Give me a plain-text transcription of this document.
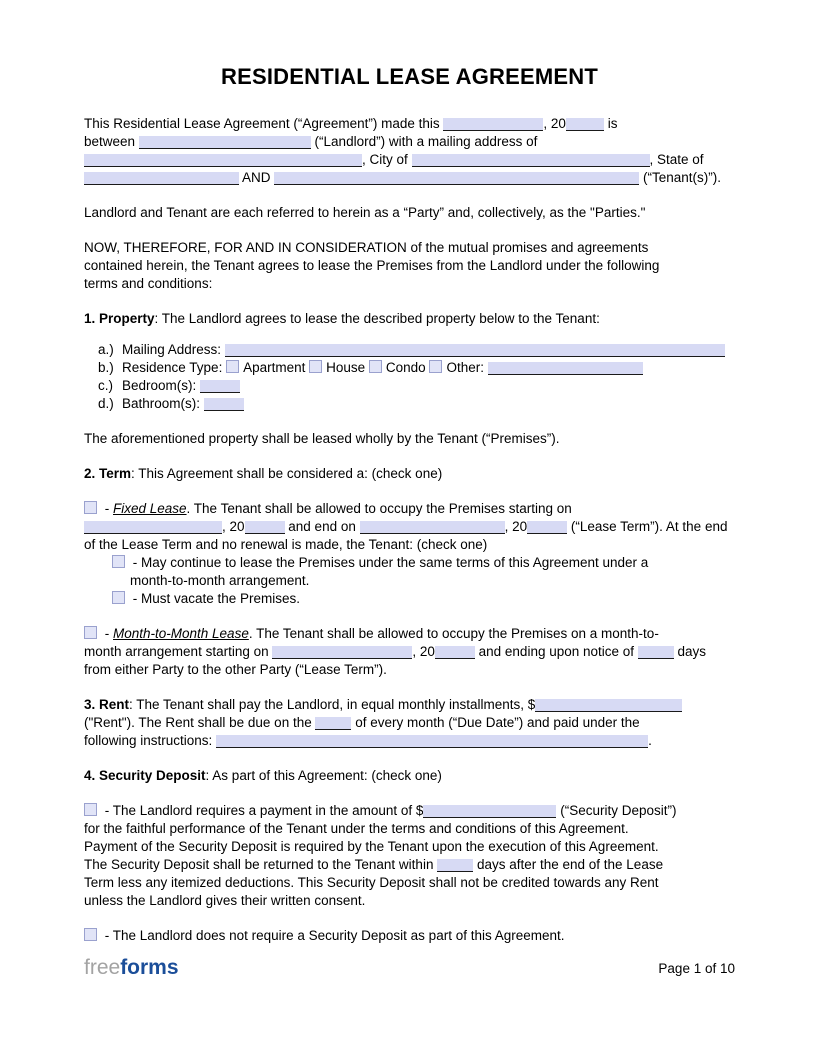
RESIDENTIAL LEASE AGREEMENT
This Residential Lease Agreement (“Agreement”) made this	, 20	is
between	(“Landlord”) with a mailing address of
, City of	, State of
AND	(“Tenant(s)”).
Landlord and Tenant are each referred to herein as a “Party” and, collectively, as the "Parties."
NOW, THEREFORE, FOR AND IN CONSIDERATION of the mutual promises and agreements
contained herein, the Tenant agrees to lease the Premises from the Landlord under the following
terms and conditions:
1. Property: The Landlord agrees to lease the described property below to the Tenant:
a.) Mailing Address:
b.) Residence Type: Apartment House Condo Other:
c.) Bedroom(s):
d.) Bathroom(s):
The aforementioned property shall be leased wholly by the Tenant (“Premises”).
2. Term: This Agreement shall be considered a: (check one)
- Fixed Lease. The Tenant shall be allowed to occupy the Premises starting on
, 20	and end on	, 20	(“Lease Term”). At the end
of the Lease Term and no renewal is made, the Tenant: (check one)
- May continue to lease the Premises under the same terms of this Agreement under a
month-to-month arrangement.
- Must vacate the Premises.
- Month-to-Month Lease. The Tenant shall be allowed to occupy the Premises on a month-to-
month arrangement starting on	, 20	and ending upon notice of	days
from either Party to the other Party (“Lease Term”).
3. Rent: The Tenant shall pay the Landlord, in equal monthly installments, $
("Rent"). The Rent shall be due on the	of every month (“Due Date”) and paid under the
following instructions:	.
4. Security Deposit: As part of this Agreement: (check one)
- The Landlord requires a payment in the amount of $	(“Security Deposit”)
for the faithful performance of the Tenant under the terms and conditions of this Agreement.
Payment of the Security Deposit is required by the Tenant upon the execution of this Agreement.
The Security Deposit shall be returned to the Tenant within	days after the end of the Lease
Term less any itemized deductions. This Security Deposit shall not be credited towards any Rent
unless the Landlord gives their written consent.
- The Landlord does not require a Security Deposit as part of this Agreement.
freeforms	Page 1 of 10
